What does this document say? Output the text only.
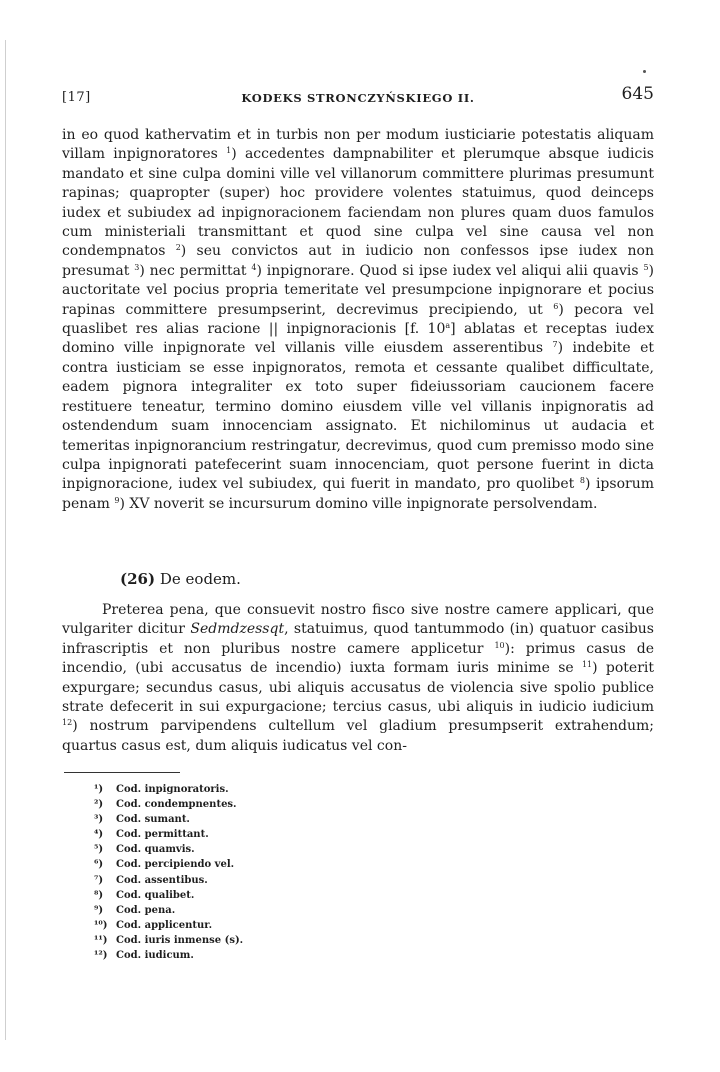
[17]	KODEKS STRONCZYŃSKIEGO II.	645

in eo quod kathervatim et in turbis non per modum iusticiarie potestatis aliquam villam inpignoratores $^1$) accedentes dampnabiliter et plerumque absque iudicis mandato et sine culpa domini ville vel villanorum committere plurimas presumunt rapinas; quapropter (super) hoc providere volentes statuimus, quod deinceps iudex et subiudex ad inpignoracionem faciendam non plures quam duos famulos cum ministeriali transmittant et quod sine culpa vel sine causa vel non condempnatos $^2$) seu convictos aut in iudicio non confessos ipse iudex non presumat $^3$) nec permittat $^4$) inpignorare. Quod si ipse iudex vel aliqui alii quavis $^5$) auctoritate vel pocius propria temeritate vel presumpcione inpignorare et pocius rapinas committere presumpserint, decrevimus precipiendo, ut $^6$) pecora vel quaslibet res alias racione || inpignoracionis [f. 10$^a$] ablatas et receptas iudex domino ville inpignorate vel villanis ville eiusdem asserentibus $^7$) indebite et contra iusticiam se esse inpignoratos, remota et cessante qualibet difficultate, eadem pignora integraliter ex toto super fideiussoriam caucionem facere restituere teneatur, termino domino eiusdem ville vel villanis inpignoratis ad ostendendum suam innocenciam assignato. Et nichilominus ut audacia et temeritas inpignorancium restringatur, decrevimus, quod cum premisso modo sine culpa inpignorati patefecerint suam innocenciam, quot persone fuerint in dicta inpignoracione, iudex vel subiudex, qui fuerit in mandato, pro quolibet $^8$) ipsorum penam $^9$) XV noverit se incursurum domino ville inpignorate persolvendam.

(26) De eodem.

Preterea pena, que consuevit nostro fisco sive nostre camere applicari, que vulgariter dicitur Sedmdzessqt, statuimus, quod tantummodo (in) quatuor casibus infrascriptis et non pluribus nostre camere applicetur $^{10}$): primus casus de incendio, (ubi accusatus de incendio) iuxta formam iuris minime se $^{11}$) poterit expurgare; secundus casus, ubi aliquis accusatus de violencia sive spolio publice strate defecerit in sui expurgacione; tercius casus, ubi aliquis in iudicio iudicium $^{12}$) nostrum parvipendens cultellum vel gladium presumpserit extrahendum; quartus casus est, dum aliquis iudicatus vel con-

¹) Cod. inpignoratoris.
²) Cod. condempnentes.
³) Cod. sumant.
⁴) Cod. permittant.
⁵) Cod. quamvis.
⁶) Cod. percipiendo vel.
⁷) Cod. assentibus.
⁸) Cod. qualibet.
⁹) Cod. pena.
¹⁰) Cod. applicentur.
¹¹) Cod. iuris inmense (s).
¹²) Cod. iudicum.
